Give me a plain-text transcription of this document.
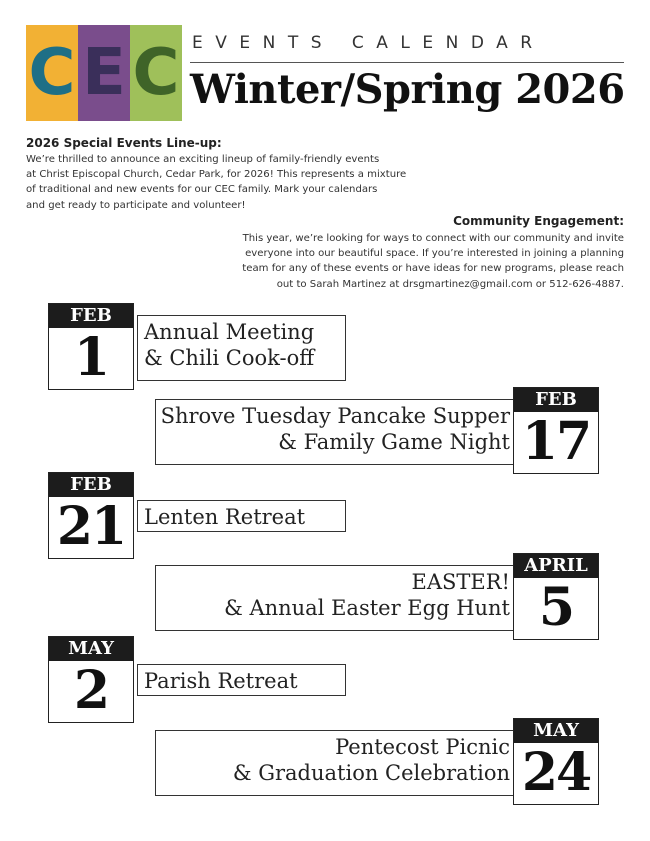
C E C EVENTS CALENDAR
Winter/Spring 2026
2026 Special Events Line-up:

We’re thrilled to announce an exciting lineup of family-friendly events
at Christ Episcopal Church, Cedar Park, for 2026! This represents a mixture
of traditional and new events for our CEC family. Mark your calendars
and get ready to participate and volunteer!

Community Engagement:

This year, we’re looking for ways to connect with our community and invite
everyone into our beautiful space. If you’re interested in joining a planning
team for any of these events or have ideas for new programs, please reach
out to Sarah Martinez at drsgmartinez@gmail.com or 512-626-4887.

Annual Meeting
& Chili Cook-off
FEB
1
Shrove Tuesday Pancake Supper
& Family Game Night
FEB
17
Lenten Retreat
FEB
21
EASTER!
& Annual Easter Egg Hunt
APRIL
5
Parish Retreat
MAY
2
Pentecost Picnic
& Graduation Celebration
MAY
24
